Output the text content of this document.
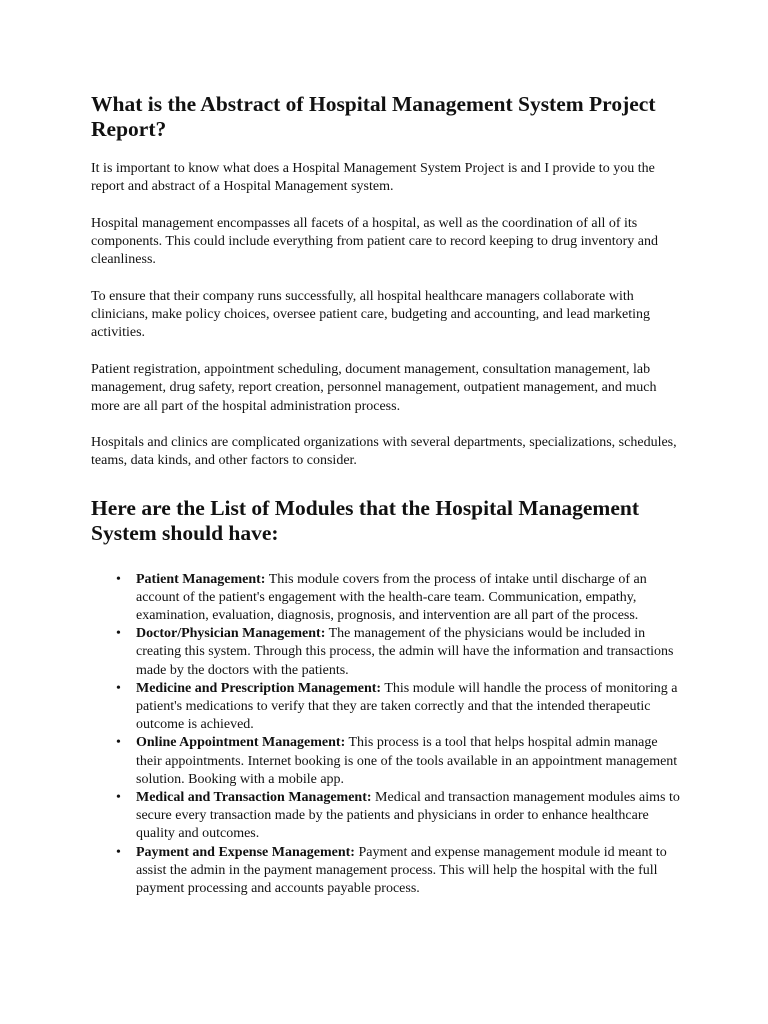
What is the Abstract of Hospital Management System Project Report?

It is important to know what does a Hospital Management System Project is and I provide to you the report and abstract of a Hospital Management system.

Hospital management encompasses all facets of a hospital, as well as the coordination of all of its components. This could include everything from patient care to record keeping to drug inventory and cleanliness.

To ensure that their company runs successfully, all hospital healthcare managers collaborate with clinicians, make policy choices, oversee patient care, budgeting and accounting, and lead marketing activities.

Patient registration, appointment scheduling, document management, consultation management, lab management, drug safety, report creation, personnel management, outpatient management, and much more are all part of the hospital administration process.

Hospitals and clinics are complicated organizations with several departments, specializations, schedules, teams, data kinds, and other factors to consider.

Here are the List of Modules that the Hospital Management System should have:
• Patient Management: This module covers from the process of intake until discharge of an account of the patient's engagement with the health-care team. Communication, empathy, examination, evaluation, diagnosis, prognosis, and intervention are all part of the process.
• Doctor/Physician Management: The management of the physicians would be included in creating this system. Through this process, the admin will have the information and transactions made by the doctors with the patients.
• Medicine and Prescription Management: This module will handle the process of monitoring a patient's medications to verify that they are taken correctly and that the intended therapeutic outcome is achieved.
• Online Appointment Management: This process is a tool that helps hospital admin manage their appointments. Internet booking is one of the tools available in an appointment management solution. Booking with a mobile app.
• Medical and Transaction Management: Medical and transaction management modules aims to secure every transaction made by the patients and physicians in order to enhance healthcare quality and outcomes.
• Payment and Expense Management: Payment and expense management module id meant to assist the admin in the payment management process. This will help the hospital with the full payment processing and accounts payable process.
